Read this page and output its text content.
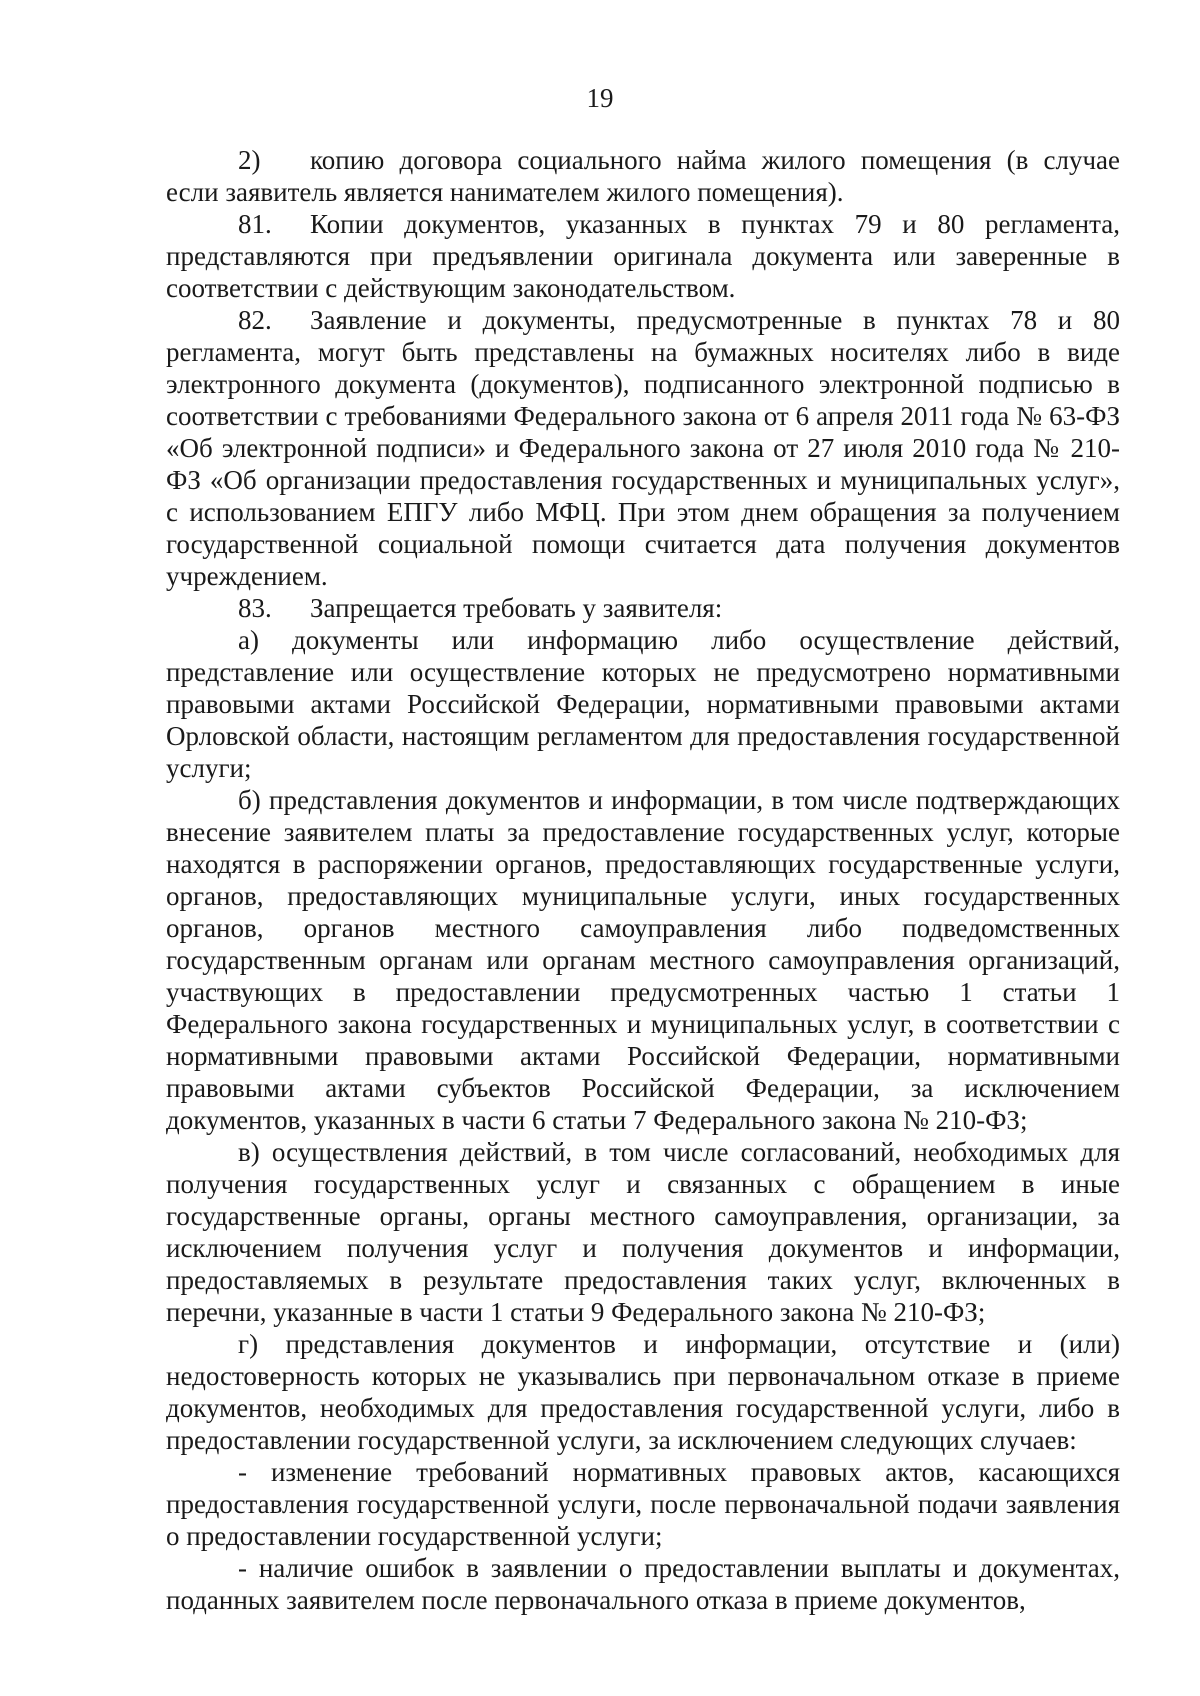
19

2) копию договора социального найма жилого помещения (в случае если заявитель является нанимателем жилого помещения).

81. Копии документов, указанных в пунктах 79 и 80 регламента, представляются при предъявлении оригинала документа или заверенные в соответствии с действующим законодательством.

82. Заявление и документы, предусмотренные в пунктах 78 и 80 регламента, могут быть представлены на бумажных носителях либо в виде электронного документа (документов), подписанного электронной подписью в соответствии с требованиями Федерального закона от 6 апреля 2011 года № 63-ФЗ «Об электронной подписи» и Федерального закона от 27 июля 2010 года № 210-ФЗ «Об организации предоставления государственных и муниципальных услуг», с использованием ЕПГУ либо МФЦ. При этом днем обращения за получением государственной социальной помощи считается дата получения документов учреждением.

83. Запрещается требовать у заявителя:

а) документы или информацию либо осуществление действий, представление или осуществление которых не предусмотрено нормативными правовыми актами Российской Федерации, нормативными правовыми актами Орловской области, настоящим регламентом для предоставления государственной услуги;

б) представления документов и информации, в том числе подтверждающих внесение заявителем платы за предоставление государственных услуг, которые находятся в распоряжении органов, предоставляющих государственные услуги, органов, предоставляющих муниципальные услуги, иных государственных органов, органов местного самоуправления либо подведомственных государственным органам или органам местного самоуправления организаций, участвующих в предоставлении предусмотренных частью 1 статьи 1 Федерального закона государственных и муниципальных услуг, в соответствии с нормативными правовыми актами Российской Федерации, нормативными правовыми актами субъектов Российской Федерации, за исключением документов, указанных в части 6 статьи 7 Федерального закона № 210-ФЗ;

в) осуществления действий, в том числе согласований, необходимых для получения государственных услуг и связанных с обращением в иные государственные органы, органы местного самоуправления, организации, за исключением получения услуг и получения документов и информации, предоставляемых в результате предоставления таких услуг, включенных в перечни, указанные в части 1 статьи 9 Федерального закона № 210-ФЗ;

г) представления документов и информации, отсутствие и (или) недостоверность которых не указывались при первоначальном отказе в приеме документов, необходимых для предоставления государственной услуги, либо в предоставлении государственной услуги, за исключением следующих случаев:

- изменение требований нормативных правовых актов, касающихся предоставления государственной услуги, после первоначальной подачи заявления о предоставлении государственной услуги;

- наличие ошибок в заявлении о предоставлении выплаты и документах, поданных заявителем после первоначального отказа в приеме документов,
